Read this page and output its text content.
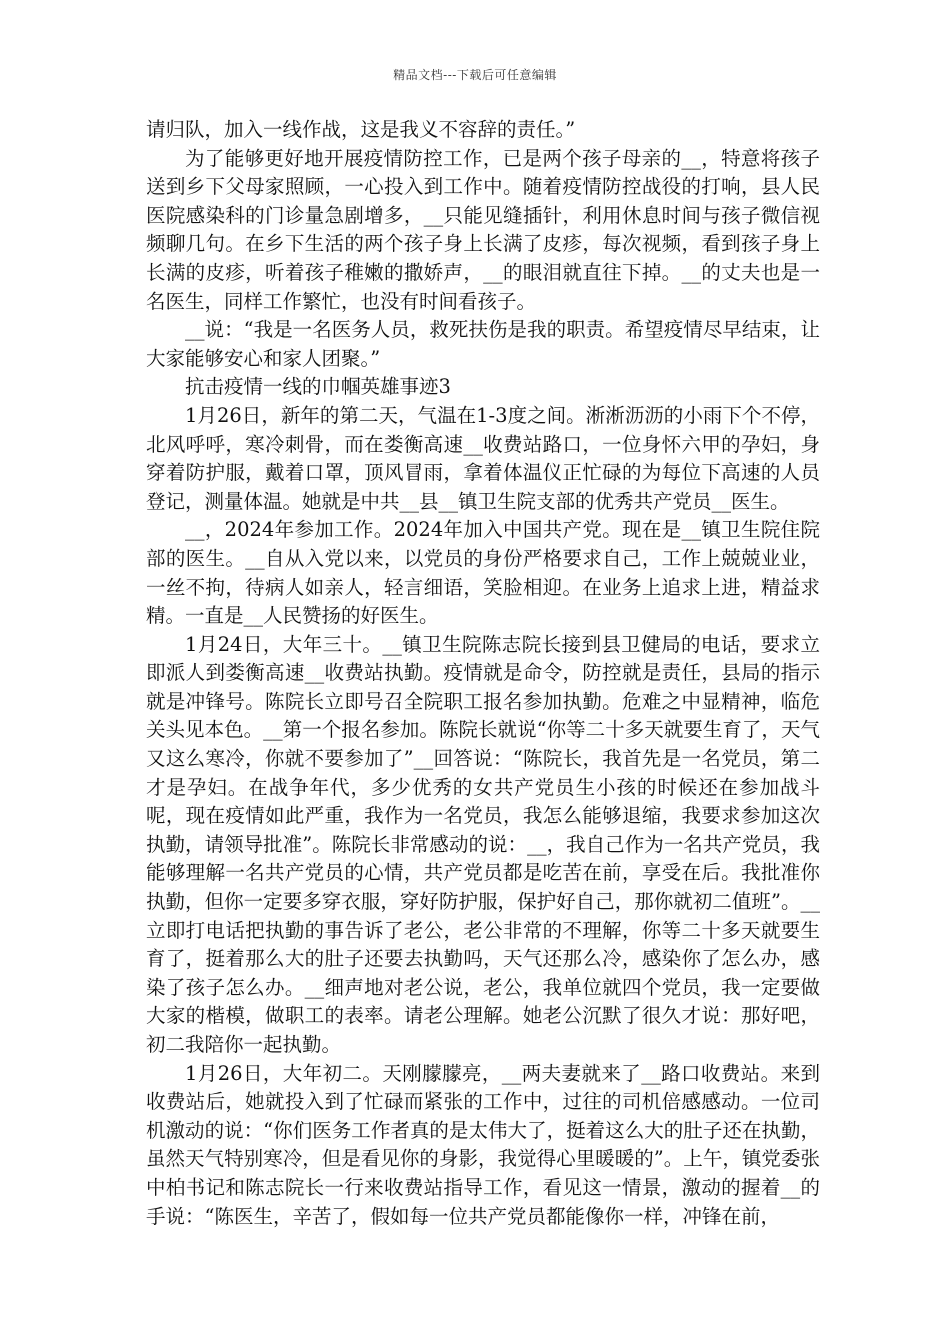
精品文档---下载后可任意编辑

请归队，加入一线作战，这是我义不容辞的责任。”

为了能够更好地开展疫情防控工作，已是两个孩子母亲的__，特意将孩子送到乡下父母家照顾，一心投入到工作中。随着疫情防控战役的打响，县人民医院感染科的门诊量急剧增多，__只能见缝插针，利用休息时间与孩子微信视频聊几句。在乡下生活的两个孩子身上长满了皮疹，每次视频，看到孩子身上长满的皮疹，听着孩子稚嫩的撒娇声，__的眼泪就直往下掉。__的丈夫也是一名医生，同样工作繁忙，也没有时间看孩子。

__说：“我是一名医务人员，救死扶伤是我的职责。希望疫情尽早结束，让大家能够安心和家人团聚。”

抗击疫情一线的巾帼英雄事迹3

1月26日，新年的第二天，气温在1-3度之间。淅淅沥沥的小雨下个不停，北风呼呼，寒冷刺骨，而在娄衡高速__收费站路口，一位身怀六甲的孕妇，身穿着防护服，戴着口罩，顶风冒雨，拿着体温仪正忙碌的为每位下高速的人员登记，测量体温。她就是中共__县__镇卫生院支部的优秀共产党员__医生。

__，2024年参加工作。2024年加入中国共产党。现在是__镇卫生院住院部的医生。__自从入党以来，以党员的身份严格要求自己，工作上兢兢业业，一丝不拘，待病人如亲人，轻言细语，笑脸相迎。在业务上追求上进，精益求精。一直是__人民赞扬的好医生。

1月24日，大年三十。__镇卫生院陈志院长接到县卫健局的电话，要求立即派人到娄衡高速__收费站执勤。疫情就是命令，防控就是责任，县局的指示就是冲锋号。陈院长立即号召全院职工报名参加执勤。危难之中显精神，临危关头见本色。__第一个报名参加。陈院长就说“你等二十多天就要生育了，天气又这么寒冷，你就不要参加了”__回答说：“陈院长，我首先是一名党员，第二才是孕妇。在战争年代，多少优秀的女共产党员生小孩的时候还在参加战斗呢，现在疫情如此严重，我作为一名党员，我怎么能够退缩，我要求参加这次执勤，请领导批准”。陈院长非常感动的说：__，我自己作为一名共产党员，我能够理解一名共产党员的心情，共产党员都是吃苦在前，享受在后。我批准你执勤，但你一定要多穿衣服，穿好防护服，保护好自己，那你就初二值班”。__立即打电话把执勤的事告诉了老公，老公非常的不理解，你等二十多天就要生育了，挺着那么大的肚子还要去执勤吗，天气还那么冷，感染你了怎么办，感染了孩子怎么办。__细声地对老公说，老公，我单位就四个党员，我一定要做大家的楷模，做职工的表率。请老公理解。她老公沉默了很久才说：那好吧，初二我陪你一起执勤。

1月26日，大年初二。天刚朦朦亮，__两夫妻就来了__路口收费站。来到收费站后，她就投入到了忙碌而紧张的工作中，过往的司机倍感感动。一位司机激动的说：“你们医务工作者真的是太伟大了，挺着这么大的肚子还在执勤，虽然天气特别寒冷，但是看见你的身影，我觉得心里暖暖的”。上午，镇党委张中柏书记和陈志院长一行来收费站指导工作，看见这一情景，激动的握着__的手说：“陈医生，辛苦了，假如每一位共产党员都能像你一样，冲锋在前，
